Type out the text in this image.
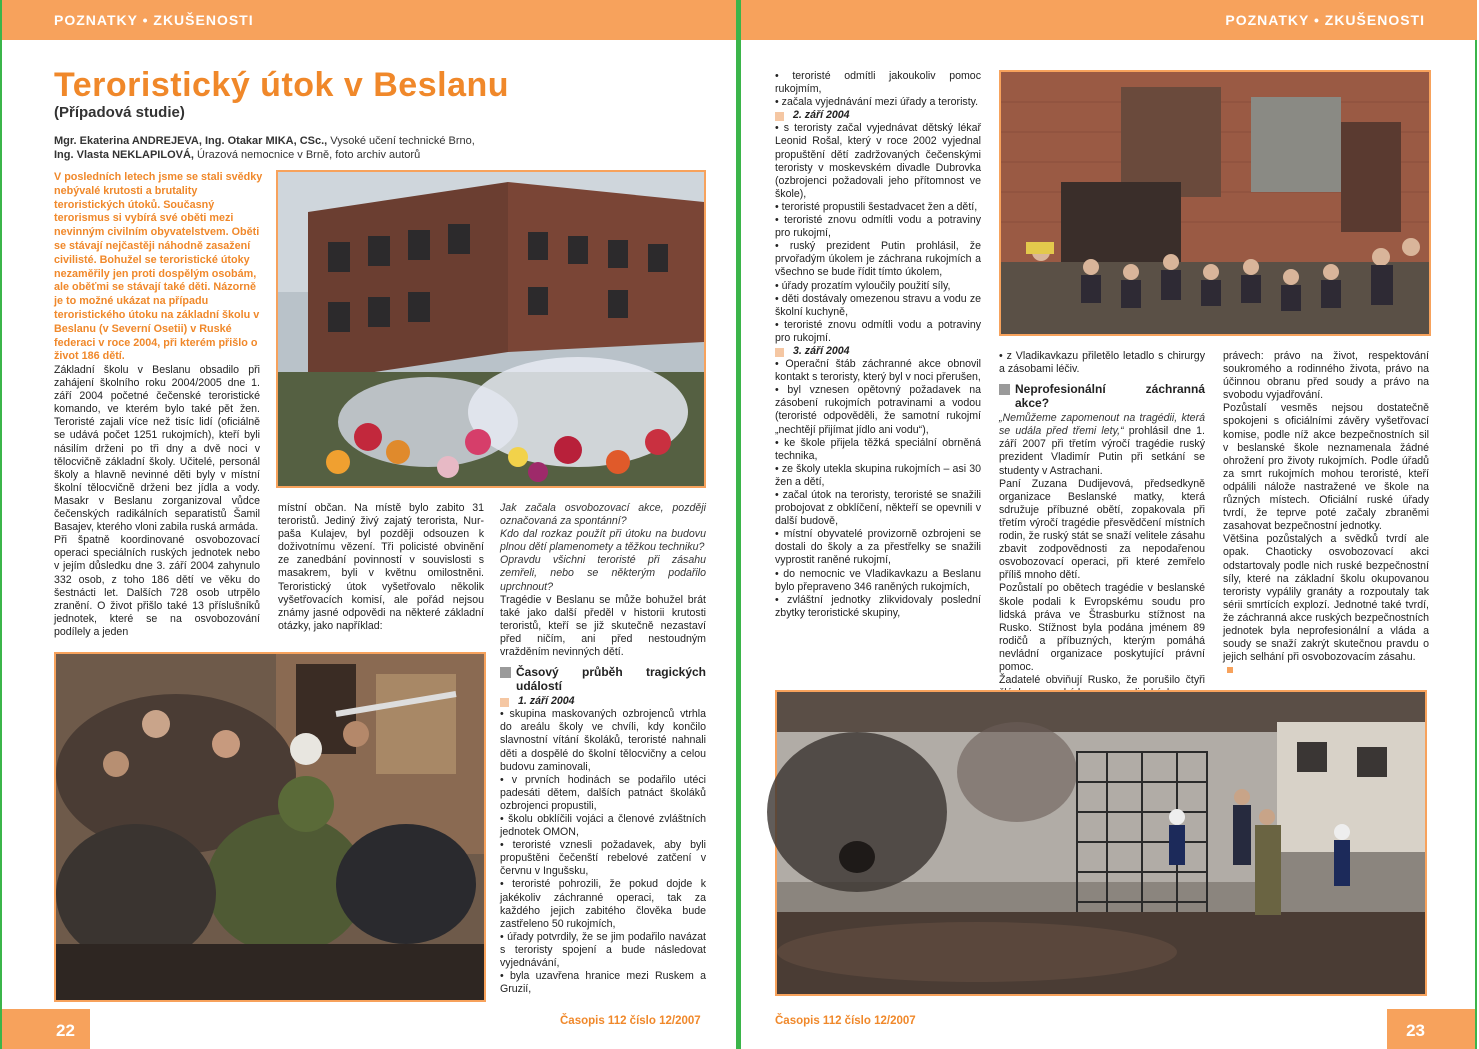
POZNATKY • ZKUŠENOSTI
Teroristický útok v Beslanu
(Případová studie)
Mgr. Ekaterina ANDREJEVA, Ing. Otakar MIKA, CSc., Vysoké učení technické Brno,
Ing. Vlasta NEKLAPILOVÁ, Úrazová nemocnice v Brně, foto archiv autorů
V posledních letech jsme se stali svědky nebývalé krutosti a brutality teroristických útoků. Současný terorismus si vybírá své oběti mezi nevinným civilním obyvatelstvem. Oběti se stávají nejčastěji náhodně zasažení civilisté. Bohužel se teroristické útoky nezaměřily jen proti dospělým osobám, ale oběťmi se stávají také děti. Názorně je to možné ukázat na případu teroristického útoku na základní školu v Beslanu (v Severní Osetii) v Ruské federaci v roce 2004, při kterém přišlo o život 186 dětí.

Základní školu v Beslanu obsadilo při zahájení školního roku 2004/2005 dne 1. září 2004 početné čečenské teroristické komando, ve kterém bylo také pět žen. Teroristé zajali více než tisíc lidí (oficiálně se udává počet 1251 rukojmích), kteří byli násilím drženi po tři dny a dvě noci v tělocvičně základní školy. Učitelé, personál školy a hlavně nevinné děti byly v místní školní tělocvičně drženi bez jídla a vody. Masakr v Beslanu zorganizoval vůdce čečenských radikálních separatistů Šamil Basajev, kterého vloni zabila ruská armáda.

Při špatně koordinované osvobozovací operaci speciálních ruských jednotek nebo v jejím důsledku dne 3. září 2004 zahynulo 332 osob, z toho 186 dětí ve věku do šestnácti let. Dalších 728 osob utrpělo zranění. O život přišlo také 13 příslušníků jednotek, které se na osvobozování podílely a jeden

místní občan. Na místě bylo zabito 31 teroristů. Jediný živý zajatý terorista, Nur-paša Kulajev, byl později odsouzen k doživotnímu vězení. Tři policisté obvinění ze zanedbání povinností v souvislosti s masakrem, byli v květnu omilostněni. Teroristický útok vyšetřovalo několik vyšetřovacích komisí, ale pořád nejsou známy jasné odpovědi na některé základní otázky, jako například:

Jak začala osvobozovací akce, později označovaná za spontánní?

Kdo dal rozkaz použít při útoku na budovu plnou dětí plamenomety a těžkou techniku?

Opravdu všichni teroristé při zásahu zemřeli, nebo se některým podařilo uprchnout?

Tragédie v Beslanu se může bohužel brát také jako další předěl v historii krutosti teroristů, kteří se již skutečně nezastaví před ničím, ani před nestoudným vražděním nevinných dětí.

Časový průběh tragických událostí
1. září 2004
• skupina maskovaných ozbrojenců vtrhla do areálu školy ve chvíli, kdy končilo slavnostní vítání školáků, teroristé nahnali děti a dospělé do školní tělocvičny a celou budovu zaminovali,
• v prvních hodinách se podařilo utéci padesáti dětem, dalších patnáct školáků ozbrojenci propustili,
• školu obklíčili vojáci a členové zvláštních jednotek OMON,
• teroristé vznesli požadavek, aby byli propuštěni čečenští rebelové zatčení v červnu v Ingušsku,
• teroristé pohrozili, že pokud dojde k jakékoliv záchranné operaci, tak za každého jejich zabitého člověka bude zastřeleno 50 rukojmích,
• úřady potvrdily, že se jim podařilo navázat s teroristy spojení a bude následovat vyjednávání,
• byla uzavřena hranice mezi Ruskem a Gruzií,
22	Časopis 112 číslo 12/2007
POZNATKY • ZKUŠENOSTI
• teroristé odmítli jakoukoliv pomoc rukojmím,
• začala vyjednávání mezi úřady a teroristy.
2. září 2004
• s teroristy začal vyjednávat dětský lékař Leonid Rošal, který v roce 2002 vyjednal propuštění dětí zadržovaných čečenskými teroristy v moskevském divadle Dubrovka (ozbrojenci požadovali jeho přítomnost ve škole),
• teroristé propustili šestadvacet žen a dětí,
• teroristé znovu odmítli vodu a potraviny pro rukojmí,
• ruský prezident Putin prohlásil, že prvořadým úkolem je záchrana rukojmích a všechno se bude řídit tímto úkolem,
• úřady prozatím vyloučily použití síly,
• děti dostávaly omezenou stravu a vodu ze školní kuchyně,
• teroristé znovu odmítli vodu a potraviny pro rukojmí.
3. září 2004
• Operační štáb záchranné akce obnovil kontakt s teroristy, který byl v noci přerušen,
• byl vznesen opětovný požadavek na zásobení rukojmích potravinami a vodou (teroristé odpověděli, že samotní rukojmí „nechtějí přijímat jídlo ani vodu“),
• ke škole přijela těžká speciální obrněná technika,
• ze školy utekla skupina rukojmích – asi 30 žen a dětí,
• začal útok na teroristy, teroristé se snažili probojovat z obklíčení, někteří se opevnili v další budově,
• místní obyvatelé provizorně ozbrojeni se dostali do školy a za přestřelky se snažili vyprostit raněné rukojmí,
• do nemocnic ve Vladikavkazu a Beslanu bylo přepraveno 346 raněných rukojmích,
• zvláštní jednotky zlikvidovaly poslední zbytky teroristické skupiny,
• z Vladikavkazu přiletělo letadlo s chirurgy a zásobami léčiv.
Neprofesionální záchranná akce?

„Nemůžeme zapomenout na tragédii, která se udála před třemi lety,“ prohlásil dne 1. září 2007 při třetím výročí tragédie ruský prezident Vladimír Putin při setkání se studenty v Astrachani.

Paní Zuzana Dudijevová, předsedkyně organizace Beslanské matky, která sdružuje příbuzné obětí, zopakovala při třetím výročí tragédie přesvědčení místních rodin, že ruský stát se snaží velitele zásahu zbavit zodpovědnosti za nepodařenou osvobozovací operaci, při které zemřelo příliš mnoho dětí.

Pozůstalí po obětech tragédie v beslanské škole podali k Evropskému soudu pro lidská práva ve Štrasburku stížnost na Rusko. Stížnost byla podána jménem 89 rodičů a příbuzných, kterým pomáhá nevládní organizace poskytující právní pomoc.

Žadatelé obviňují Rusko, že porušilo čtyři

právech: právo na život, respektování soukromého a rodinného života, právo na účinnou obranu před soudy a právo na svobodu vyjadřování.

Pozůstalí vesměs nejsou dostatečně spokojeni s oficiálními závěry vyšetřovací komise, podle níž akce bezpečnostních sil v beslanské škole neznamenala žádné ohrožení pro životy rukojmích. Podle úřadů za smrt rukojmích mohou teroristé, kteří odpálili nálože nastražené ve škole na různých místech. Oficiální ruské úřady tvrdí, že teprve poté začaly zbraněmi zasahovat bezpečnostní jednotky.

Většina pozůstalých a svědků tvrdí ale opak. Chaoticky osvobozovací akci odstartovaly podle nich ruské bezpečnostní síly, které na základní školu okupovanou teroristy vypálily granáty a rozpoutaly tak sérii smrtících explozí. Jednotné také tvrdí, že záchranná akce ruských bezpečnostních jednotek byla neprofesionální a vláda a soudy se snaží zakrýt skutečnou pravdu o jejich selhání při osvobozovacím zásahu.

23
Časopis 112 číslo 12/2007
